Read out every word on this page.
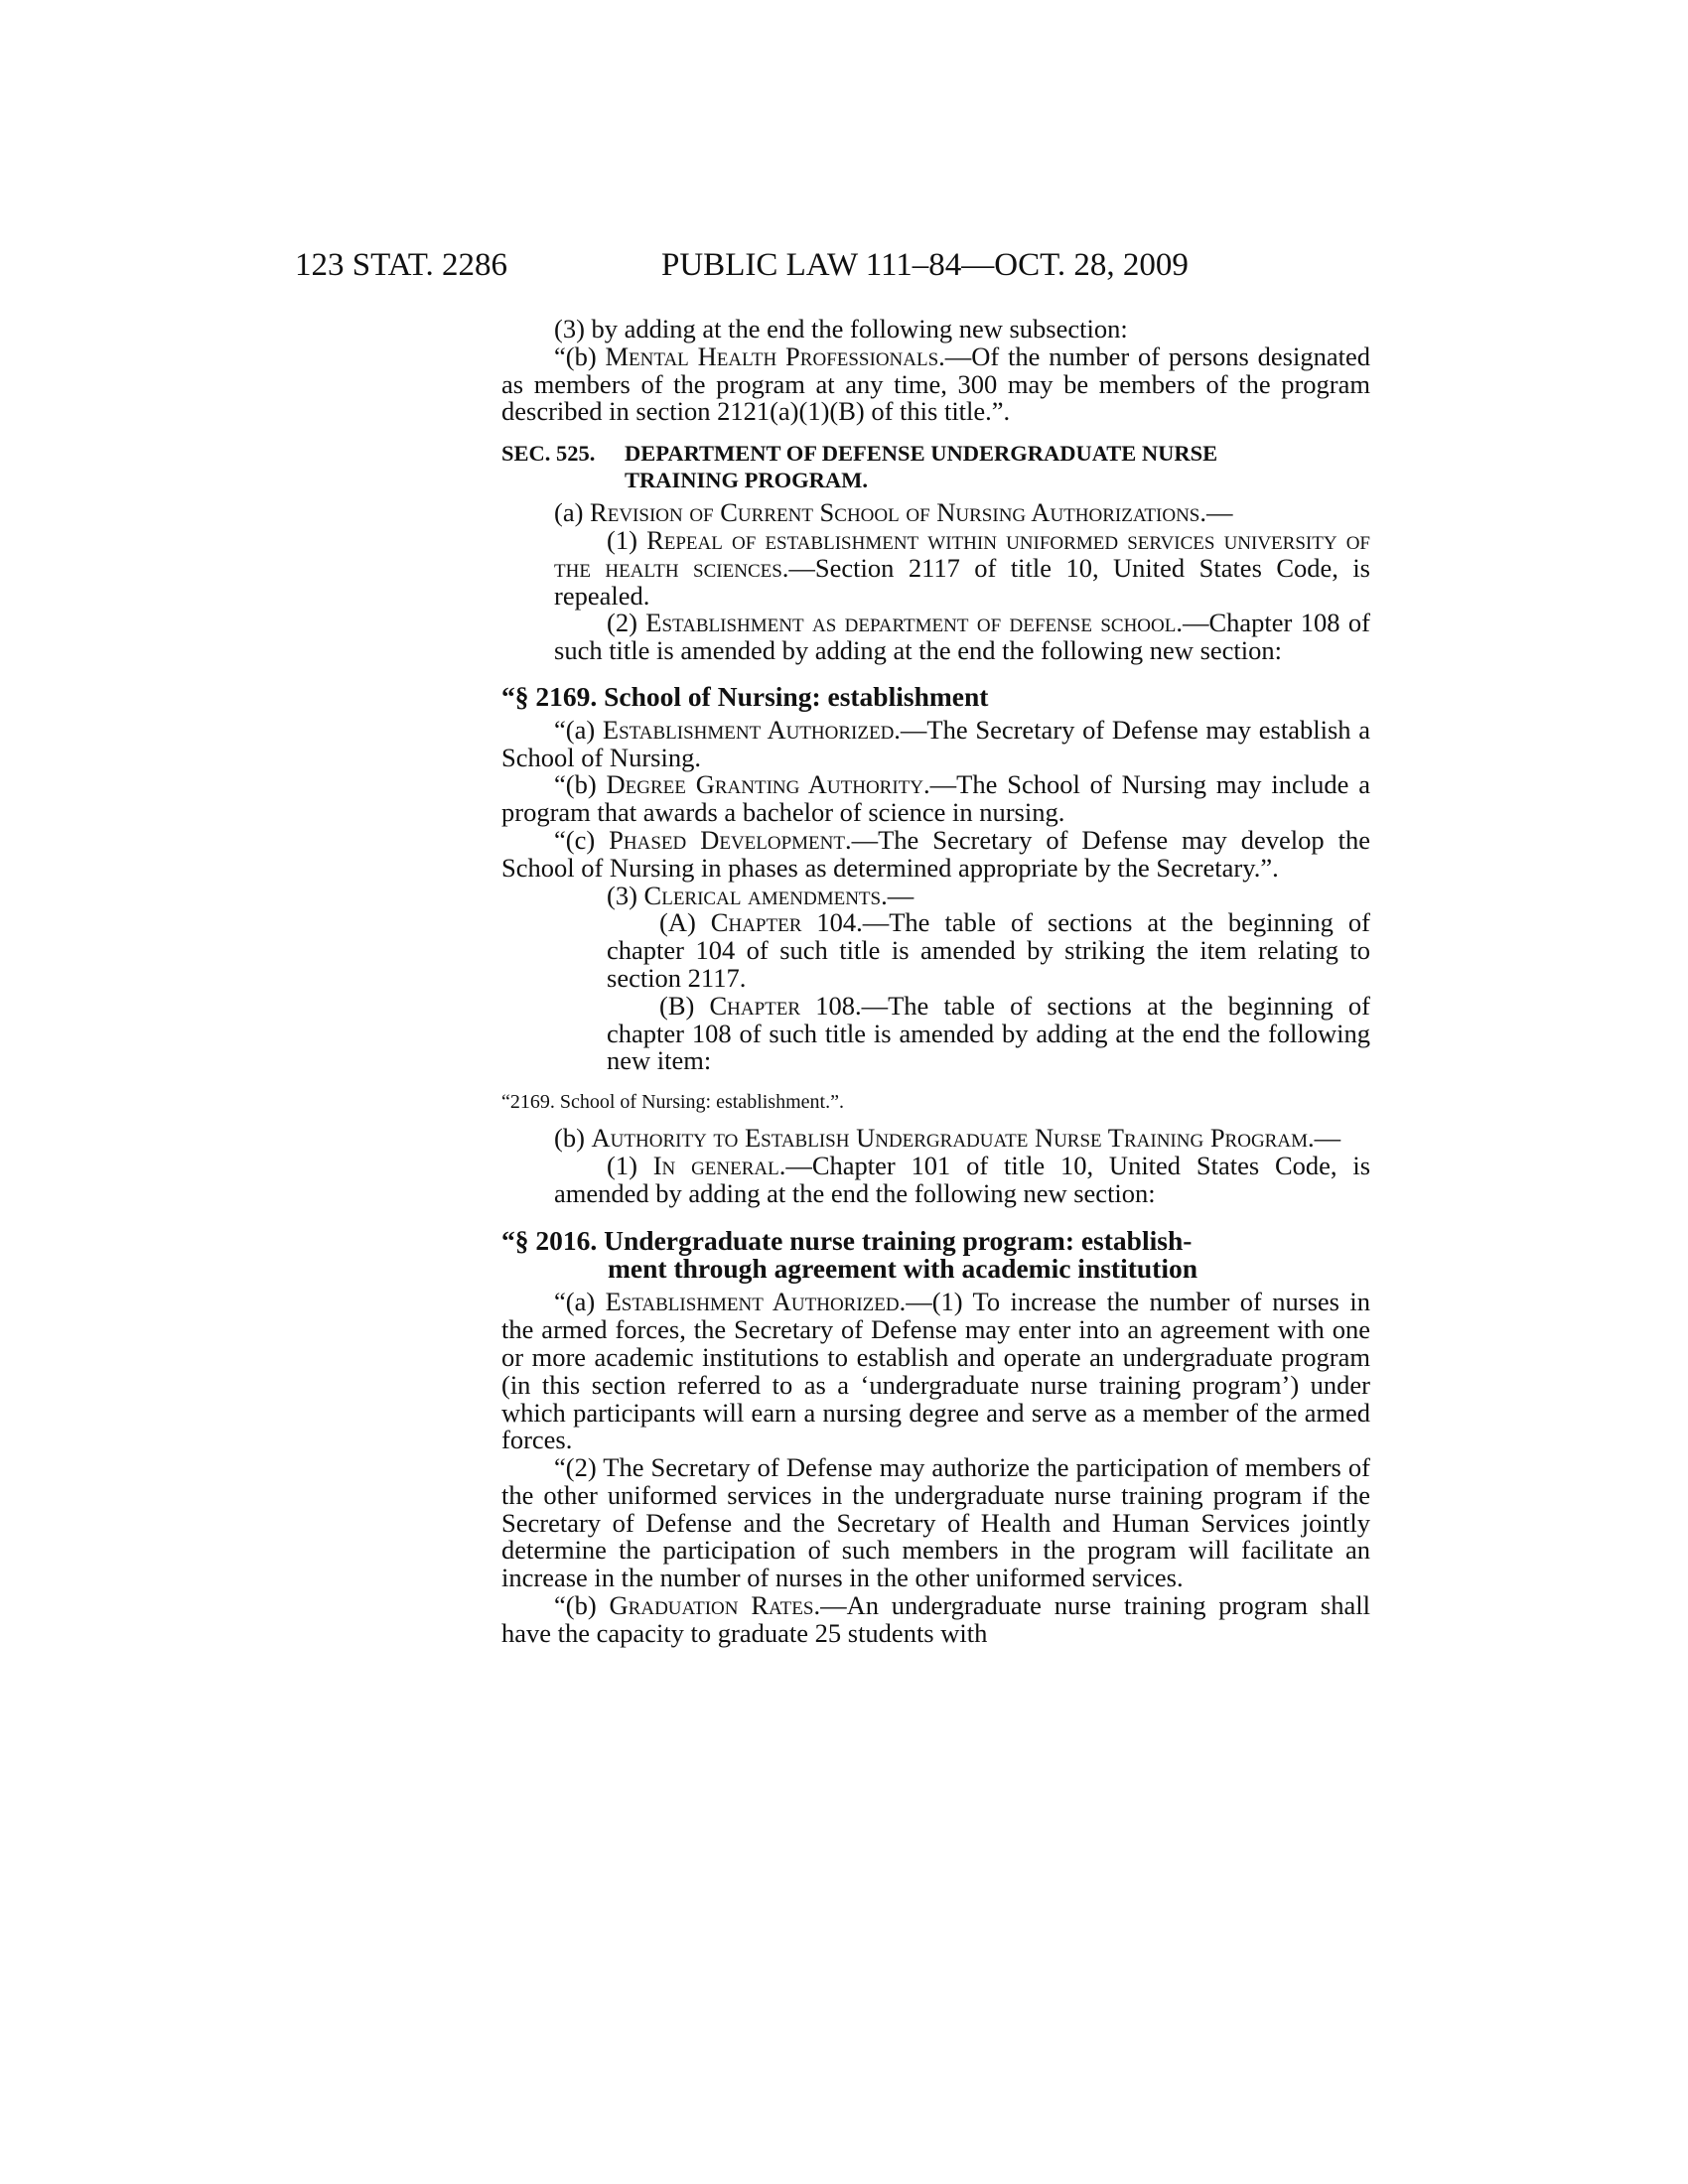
123 STAT. 2286	PUBLIC LAW 111–84—OCT. 28, 2009

(3) by adding at the end the following new subsection:

“(b) Mental Health Professionals.—Of the number of persons designated as members of the program at any time, 300 may be members of the program described in section 2121(a)(1)(B) of this title.”.

SEC. 525. DEPARTMENT OF DEFENSE UNDERGRADUATE NURSE
TRAINING PROGRAM.

(a) Revision of Current School of Nursing Authorizations.—

(1) Repeal of establishment within uniformed services university of the health sciences.—Section 2117 of title 10, United States Code, is repealed.

(2) Establishment as department of defense school.—Chapter 108 of such title is amended by adding at the end the following new section:

“§ 2169. School of Nursing: establishment

“(a) Establishment Authorized.—The Secretary of Defense may establish a School of Nursing.

“(b) Degree Granting Authority.—The School of Nursing may include a program that awards a bachelor of science in nursing.

“(c) Phased Development.—The Secretary of Defense may develop the School of Nursing in phases as determined appropriate by the Secretary.”.

(3) Clerical amendments.—

(A) Chapter 104.—The table of sections at the beginning of chapter 104 of such title is amended by striking the item relating to section 2117.

(B) Chapter 108.—The table of sections at the beginning of chapter 108 of such title is amended by adding at the end the following new item:

“2169. School of Nursing: establishment.”.

(b) Authority to Establish Undergraduate Nurse Training Program.—

(1) In general.—Chapter 101 of title 10, United States Code, is amended by adding at the end the following new section:

“§ 2016. Undergraduate nurse training program: establish-
ment through agreement with academic institution

“(a) Establishment Authorized.—(1) To increase the number of nurses in the armed forces, the Secretary of Defense may enter into an agreement with one or more academic institutions to establish and operate an undergraduate program (in this section referred to as a ‘undergraduate nurse training program’) under which participants will earn a nursing degree and serve as a member of the armed forces.

“(2) The Secretary of Defense may authorize the participation of members of the other uniformed services in the undergraduate nurse training program if the Secretary of Defense and the Secretary of Health and Human Services jointly determine the participation of such members in the program will facilitate an increase in the number of nurses in the other uniformed services.

“(b) Graduation Rates.—An undergraduate nurse training program shall have the capacity to graduate 25 students with
